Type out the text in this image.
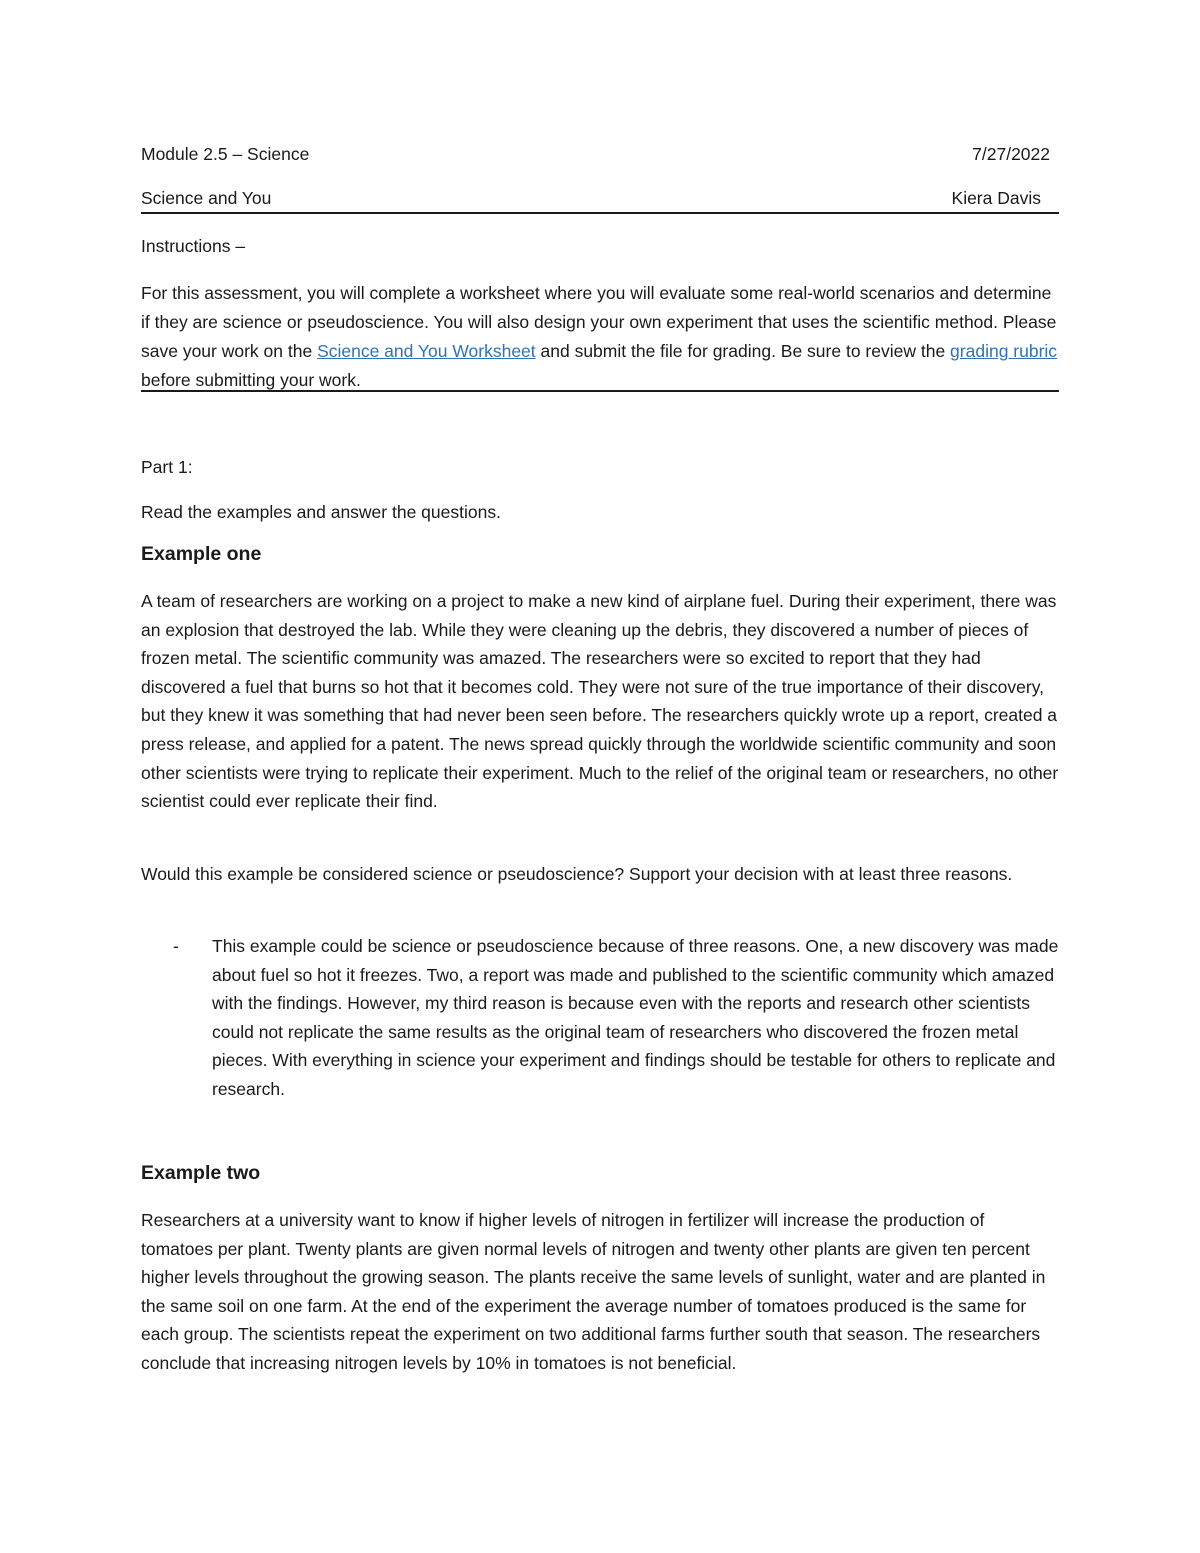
Module 2.5 – Science	7/27/2022
Science and You	Kiera Davis
Instructions –

For this assessment, you will complete a worksheet where you will evaluate some real-world scenarios and determine if they are science or pseudoscience. You will also design your own experiment that uses the scientific method. Please save your work on the Science and You Worksheet and submit the file for grading. Be sure to review the grading rubric before submitting your work.

Part 1:
Read the examples and answer the questions.
Example one

A team of researchers are working on a project to make a new kind of airplane fuel. During their experiment, there was an explosion that destroyed the lab. While they were cleaning up the debris, they discovered a number of pieces of frozen metal. The scientific community was amazed. The researchers were so excited to report that they had discovered a fuel that burns so hot that it becomes cold. They were not sure of the true importance of their discovery, but they knew it was something that had never been seen before. The researchers quickly wrote up a report, created a press release, and applied for a patent. The news spread quickly through the worldwide scientific community and soon other scientists were trying to replicate their experiment. Much to the relief of the original team or researchers, no other scientist could ever replicate their find.

Would this example be considered science or pseudoscience? Support your decision with at least three reasons.

- This example could be science or pseudoscience because of three reasons. One, a new discovery was made about fuel so hot it freezes. Two, a report was made and published to the scientific community which amazed with the findings. However, my third reason is because even with the reports and research other scientists could not replicate the same results as the original team of researchers who discovered the frozen metal pieces. With everything in science your experiment and findings should be testable for others to replicate and research.

Example two

Researchers at a university want to know if higher levels of nitrogen in fertilizer will increase the production of tomatoes per plant. Twenty plants are given normal levels of nitrogen and twenty other plants are given ten percent higher levels throughout the growing season. The plants receive the same levels of sunlight, water and are planted in the same soil on one farm. At the end of the experiment the average number of tomatoes produced is the same for each group. The scientists repeat the experiment on two additional farms further south that season. The researchers conclude that increasing nitrogen levels by 10% in tomatoes is not beneficial.
